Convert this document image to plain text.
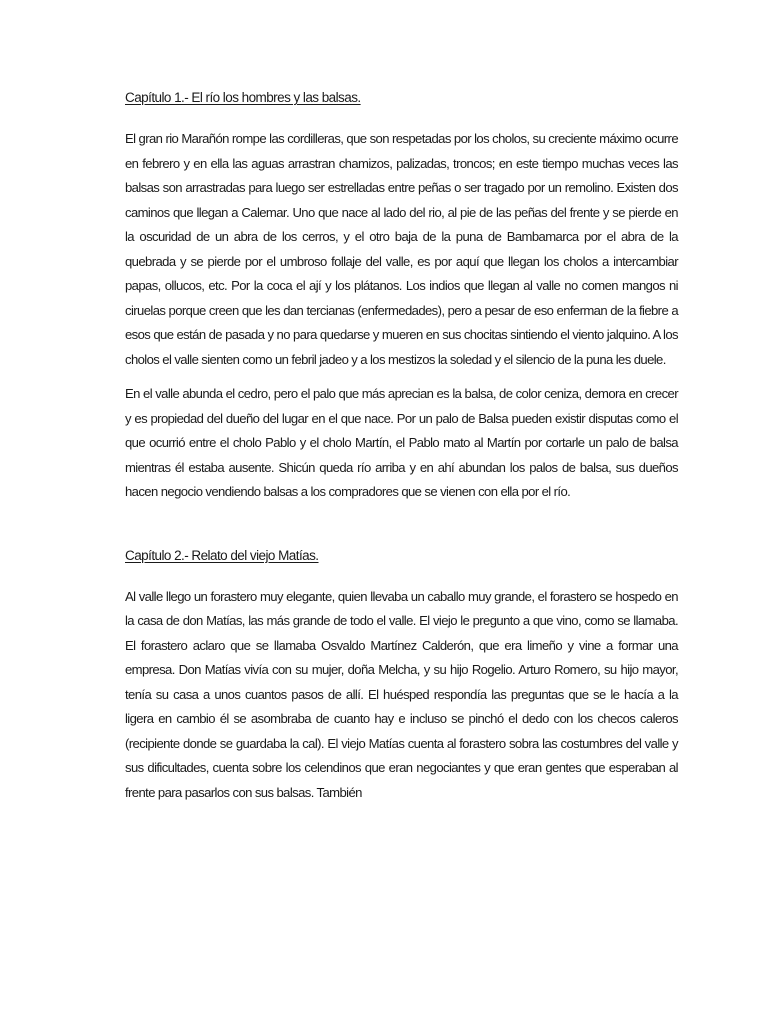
Capítulo 1.- El río los hombres y las balsas.

El gran rio Marañón rompe las cordilleras, que son respetadas por los cholos, su creciente máximo ocurre en febrero y en ella las aguas arrastran chamizos, palizadas, troncos; en este tiempo muchas veces las balsas son arrastradas para luego ser estrelladas entre peñas o ser tragado por un remolino. Existen dos caminos que llegan a Calemar. Uno que nace al lado del rio, al pie de las peñas del frente y se pierde en la oscuridad de un abra de los cerros, y el otro baja de la puna de Bambamarca por el abra de la quebrada y se pierde por el umbroso follaje del valle, es por aquí que llegan los cholos a intercambiar papas, ollucos, etc. Por la coca el ají y los plátanos. Los indios que llegan al valle no comen mangos ni ciruelas porque creen que les dan tercianas (enfermedades), pero a pesar de eso enferman de la fiebre a esos que están de pasada y no para quedarse y mueren en sus chocitas sintiendo el viento jalquino. A los cholos el valle sienten como un febril jadeo y a los mestizos la soledad y el silencio de la puna les duele.

En el valle abunda el cedro, pero el palo que más aprecian es la balsa, de color ceniza, demora en crecer y es propiedad del dueño del lugar en el que nace. Por un palo de Balsa pueden existir disputas como el que ocurrió entre el cholo Pablo y el cholo Martín, el Pablo mato al Martín por cortarle un palo de balsa mientras él estaba ausente. Shicún queda río arriba y en ahí abundan los palos de balsa, sus dueños hacen negocio vendiendo balsas a los compradores que se vienen con ella por el río.

Capítulo 2.- Relato del viejo Matías.

Al valle llego un forastero muy elegante, quien llevaba un caballo muy grande, el forastero se hospedo en la casa de don Matías, las más grande de todo el valle. El viejo le pregunto a que vino, como se llamaba. El forastero aclaro que se llamaba Osvaldo Martínez Calderón, que era limeño y vine a formar una empresa. Don Matías vivía con su mujer, doña Melcha, y su hijo Rogelio. Arturo Romero, su hijo mayor, tenía su casa a unos cuantos pasos de allí. El huésped respondía las preguntas que se le hacía a la ligera en cambio él se asombraba de cuanto hay e incluso se pinchó el dedo con los checos caleros (recipiente donde se guardaba la cal). El viejo Matías cuenta al forastero sobra las costumbres del valle y sus dificultades, cuenta sobre los celendinos que eran negociantes y que eran gentes que esperaban al frente para pasarlos con sus balsas. También
